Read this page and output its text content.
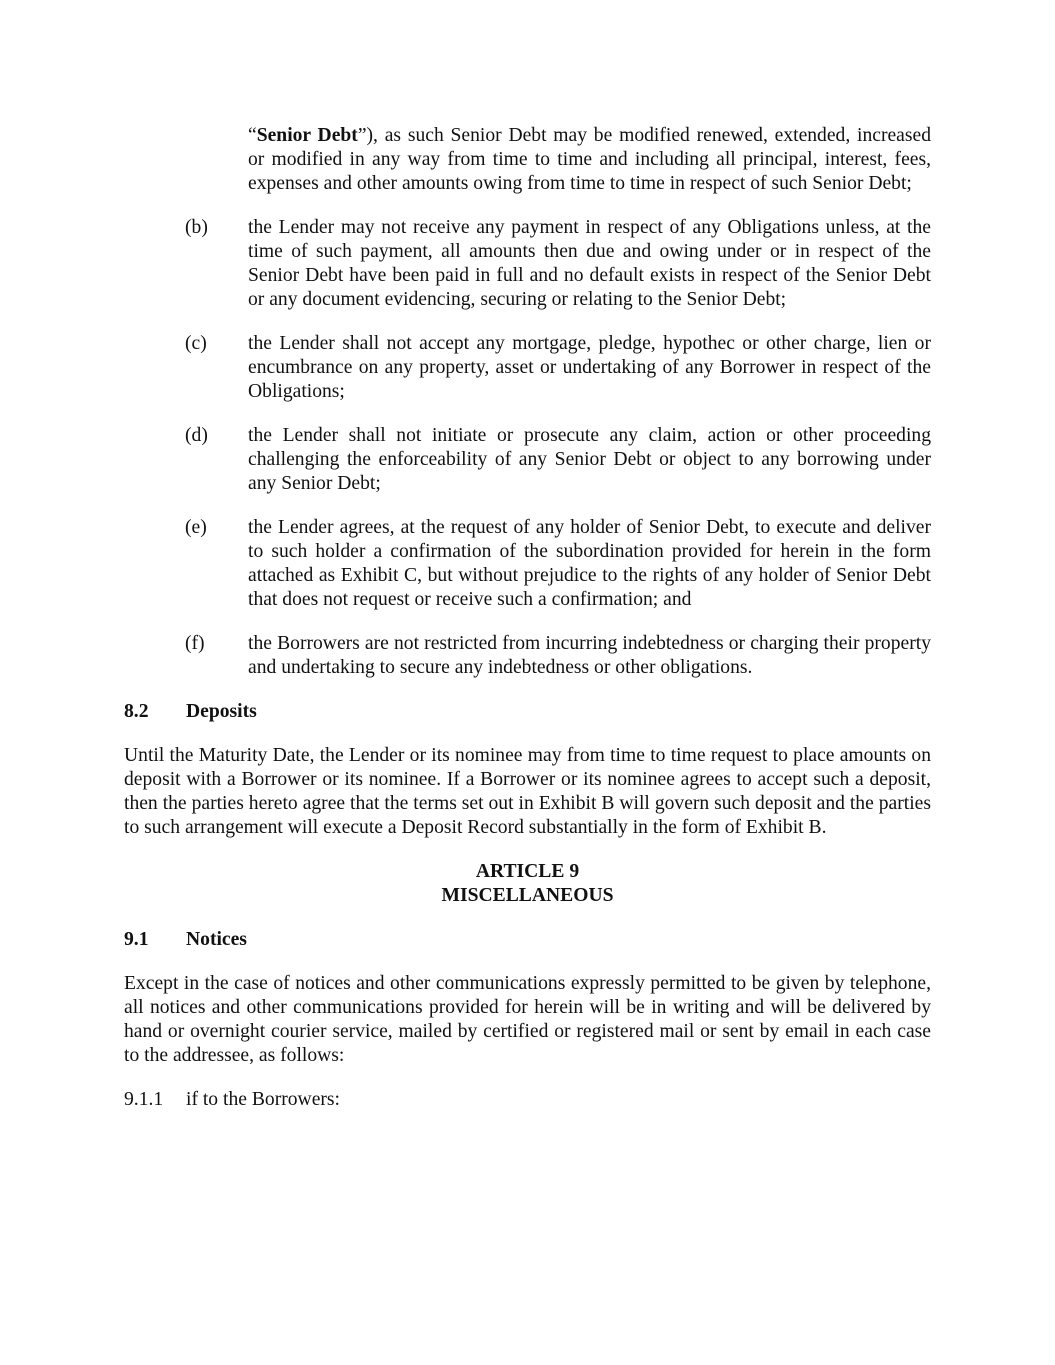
“Senior Debt”), as such Senior Debt may be modified renewed, extended, increased or modified in any way from time to time and including all principal, interest, fees, expenses and other amounts owing from time to time in respect of such Senior Debt;

(b) the Lender may not receive any payment in respect of any Obligations unless, at the time of such payment, all amounts then due and owing under or in respect of the Senior Debt have been paid in full and no default exists in respect of the Senior Debt or any document evidencing, securing or relating to the Senior Debt;
(c) the Lender shall not accept any mortgage, pledge, hypothec or other charge, lien or encumbrance on any property, asset or undertaking of any Borrower in respect of the Obligations;
(d) the Lender shall not initiate or prosecute any claim, action or other proceeding challenging the enforceability of any Senior Debt or object to any borrowing under any Senior Debt;
(e) the Lender agrees, at the request of any holder of Senior Debt, to execute and deliver to such holder a confirmation of the subordination provided for herein in the form attached as Exhibit C, but without prejudice to the rights of any holder of Senior Debt that does not request or receive such a confirmation; and
(f) the Borrowers are not restricted from incurring indebtedness or charging their property and undertaking to secure any indebtedness or other obligations.
8.2 Deposits

Until the Maturity Date, the Lender or its nominee may from time to time request to place amounts on deposit with a Borrower or its nominee. If a Borrower or its nominee agrees to accept such a deposit, then the parties hereto agree that the terms set out in Exhibit B will govern such deposit and the parties to such arrangement will execute a Deposit Record substantially in the form of Exhibit B.

ARTICLE 9
MISCELLANEOUS
9.1 Notices

Except in the case of notices and other communications expressly permitted to be given by telephone, all notices and other communications provided for herein will be in writing and will be delivered by hand or overnight courier service, mailed by certified or registered mail or sent by email in each case to the addressee, as follows:

9.1.1 if to the Borrowers:
